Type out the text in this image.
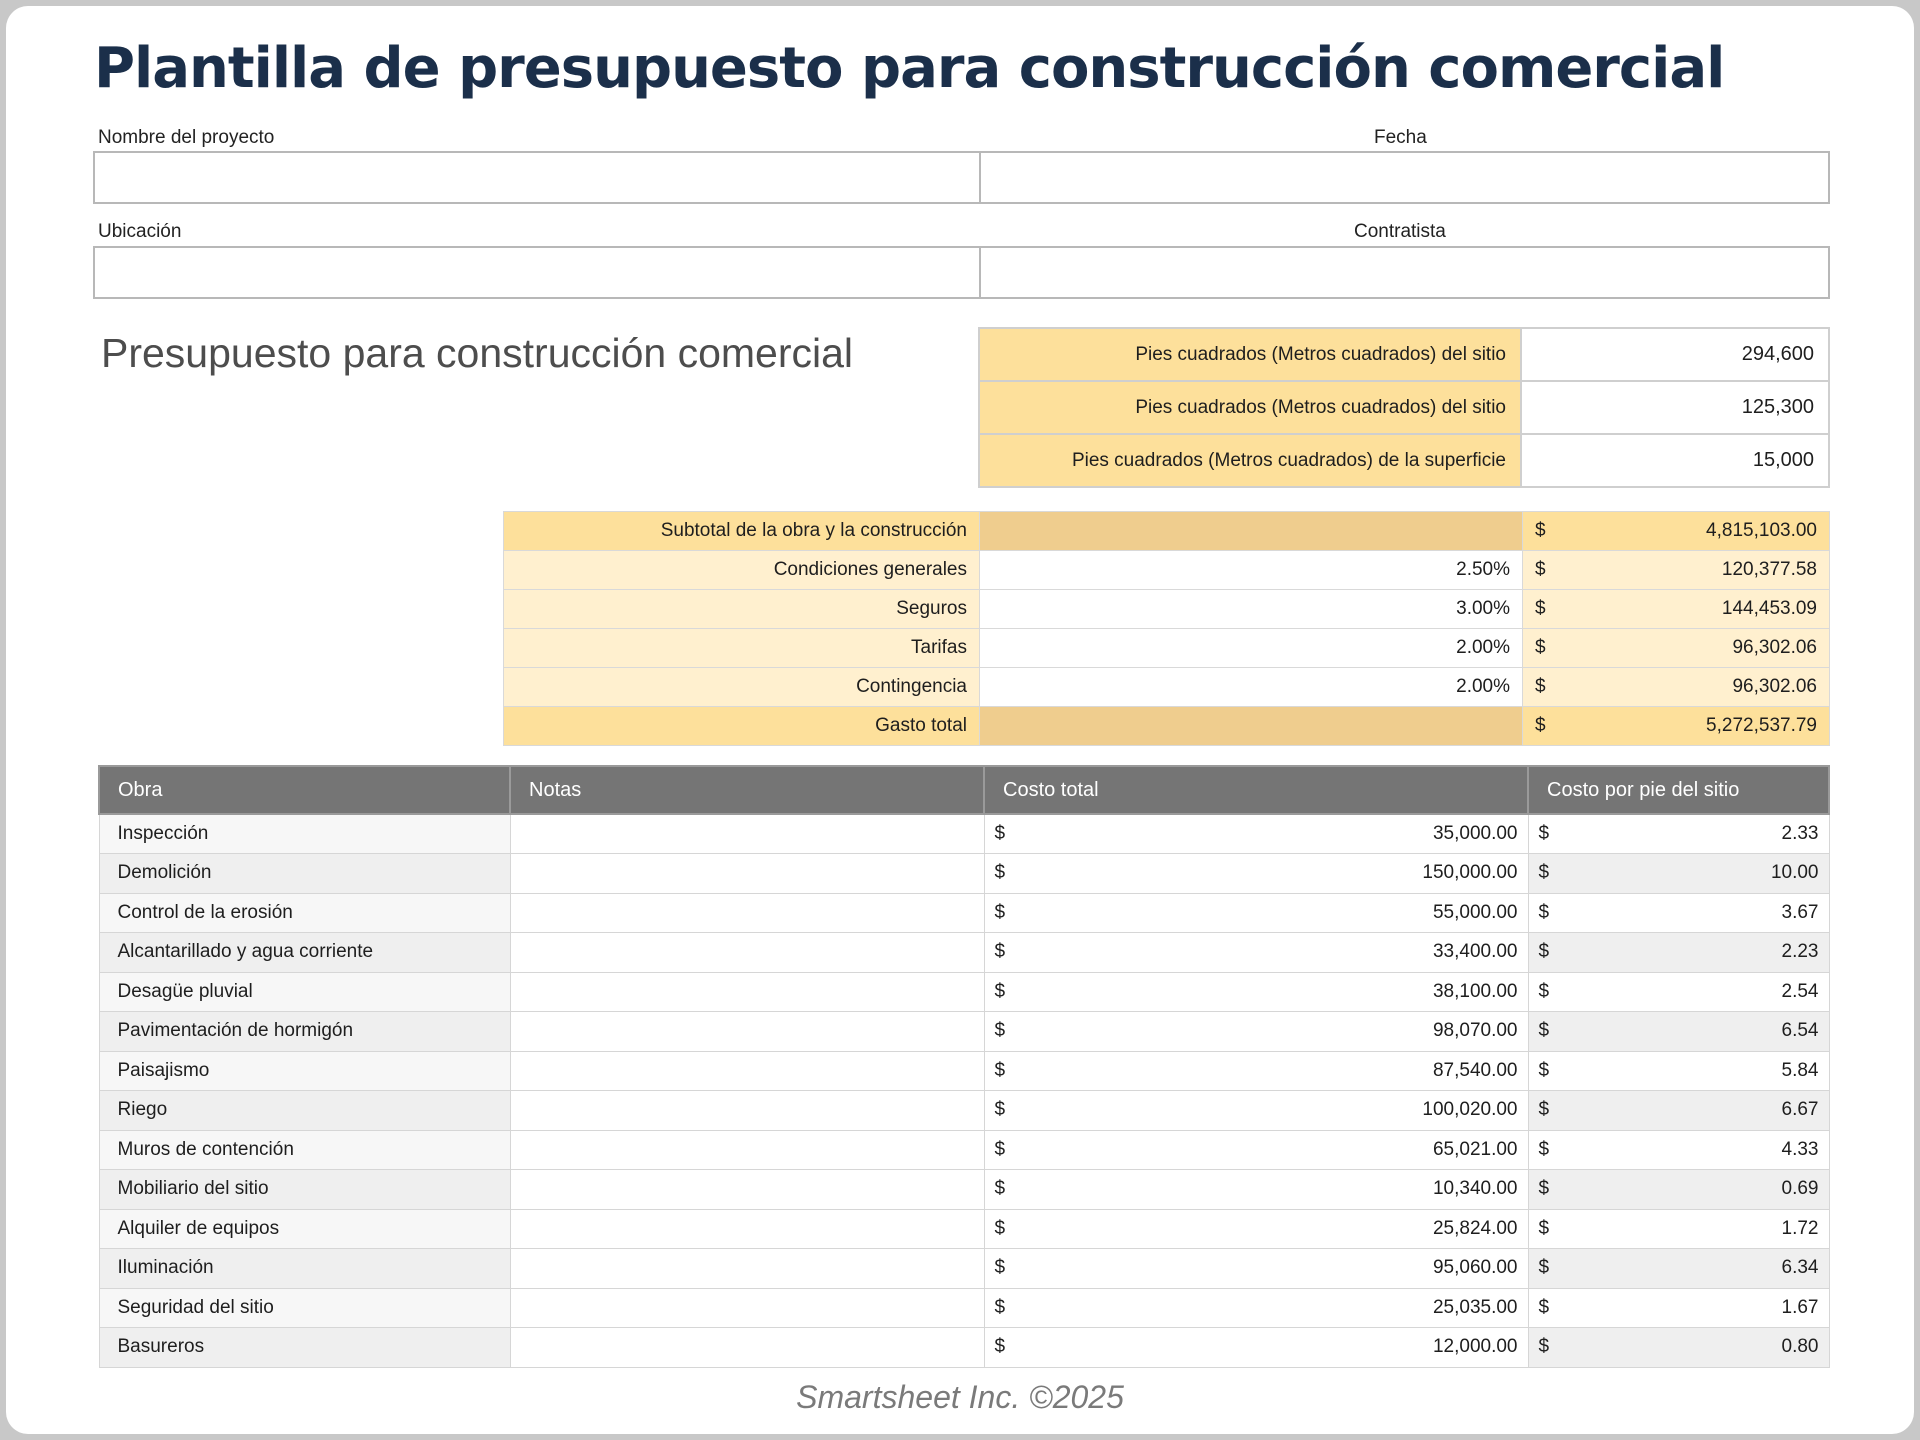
Plantilla de presupuesto para construcción comercial
Nombre del proyecto	Fecha
Ubicación	Contratista
Presupuesto para construcción comercial	Pies cuadrados (Metros cuadrados) del sitio	294,600
Pies cuadrados (Metros cuadrados) del sitio	125,300
Pies cuadrados (Metros cuadrados) de la superficie	15,000
Subtotal de la obra y la construcción		$	4,815,103.00
Condiciones generales	2.50%	$	120,377.58
Seguros	3.00%	$	144,453.09
Tarifas	2.00%	$	96,302.06
Contingencia	2.00%	$	96,302.06
Gasto total		$	5,272,537.79
Obra	Notas	Costo total		Costo por pie del sitio	
Inspección		$	35,000.00	$	2.33
Demolición		$	150,000.00	$	10.00
Control de la erosión		$	55,000.00	$	3.67
Alcantarillado y agua corriente		$	33,400.00	$	2.23
Desagüe pluvial		$	38,100.00	$	2.54
Pavimentación de hormigón		$	98,070.00	$	6.54
Paisajismo		$	87,540.00	$	5.84
Riego		$	100,020.00	$	6.67
Muros de contención		$	65,021.00	$	4.33
Mobiliario del sitio		$	10,340.00	$	0.69
Alquiler de equipos		$	25,824.00	$	1.72
Iluminación		$	95,060.00	$	6.34
Seguridad del sitio		$	25,035.00	$	1.67
Basureros		$	12,000.00	$	0.80
Smartsheet Inc. ©2025
